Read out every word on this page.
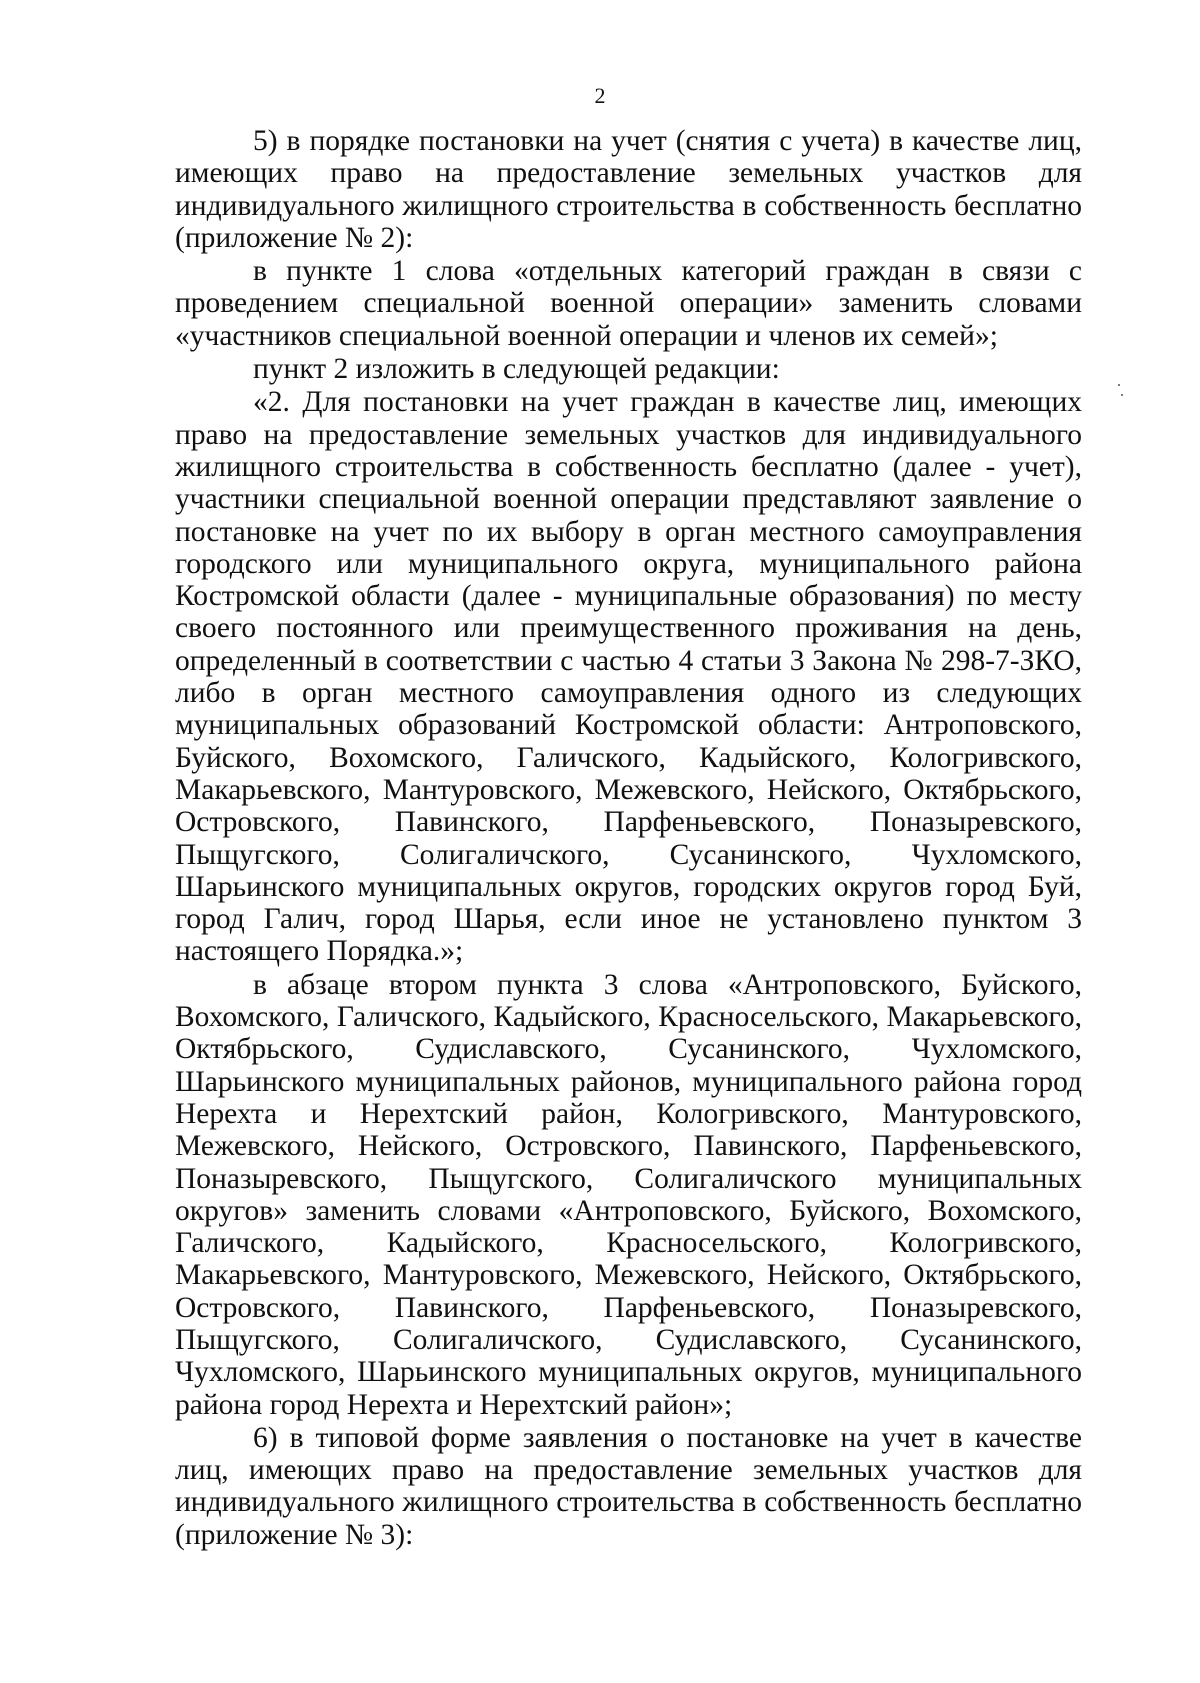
2

5) в порядке постановки на учет (снятия с учета) в качестве лиц, имеющих право на предоставление земельных участков для индивидуального жилищного строительства в собственность бесплатно (приложение № 2):

в пункте 1 слова «отдельных категорий граждан в связи с проведением специальной военной операции» заменить словами «участников специальной военной операции и членов их семей»;

пункт 2 изложить в следующей редакции:

«2. Для постановки на учет граждан в качестве лиц, имеющих право на предоставление земельных участков для индивидуального жилищного строительства в собственность бесплатно (далее - учет), участники специальной военной операции представляют заявление о постановке на учет по их выбору в орган местного самоуправления городского или муниципального округа, муниципального района Костромской области (далее - муниципальные образования) по месту своего постоянного или преимущественного проживания на день, определенный в соответствии с частью 4 статьи 3 Закона № 298-7-ЗКО, либо в орган местного самоуправления одного из следующих муниципальных образований Костромской области: Антроповского, Буйского, Вохомского, Галичского, Кадыйского, Кологривского, Макарьевского, Мантуровского, Межевского, Нейского, Октябрьского, Островского, Павинского, Парфеньевского, Поназыревского, Пыщугского, Солигаличского, Сусанинского, Чухломского, Шарьинского муниципальных округов, городских округов город Буй, город Галич, город Шарья, если иное не установлено пунктом 3 настоящего Порядка.»;

в абзаце втором пункта 3 слова «Антроповского, Буйского, Вохомского, Галичского, Кадыйского, Красносельского, Макарьевского, Октябрьского, Судиславского, Сусанинского, Чухломского, Шарьинского муниципальных районов, муниципального района город Нерехта и Нерехтский район, Кологривского, Мантуровского, Межевского, Нейского, Островского, Павинского, Парфеньевского, Поназыревского, Пыщугского, Солигаличского муниципальных округов» заменить словами «Антроповского, Буйского, Вохомского, Галичского, Кадыйского, Красносельского, Кологривского, Макарьевского, Мантуровского, Межевского, Нейского, Октябрьского, Островского, Павинского, Парфеньевского, Поназыревского, Пыщугского, Солигаличского, Судиславского, Сусанинского, Чухломского, Шарьинского муниципальных округов, муниципального района город Нерехта и Нерехтский район»;

6) в типовой форме заявления о постановке на учет в качестве лиц, имеющих право на предоставление земельных участков для индивидуального жилищного строительства в собственность бесплатно (приложение № 3):
